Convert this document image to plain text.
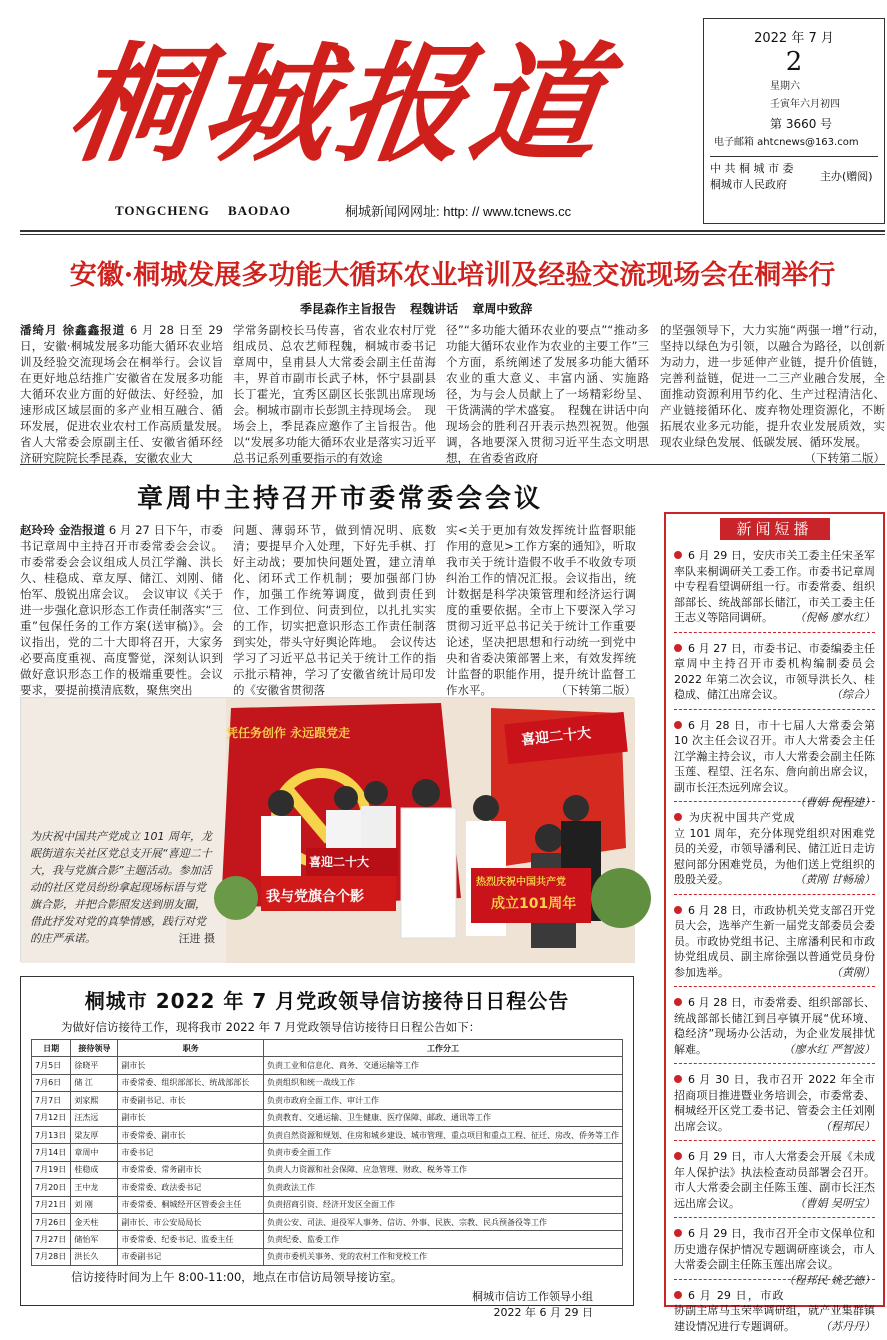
桐城报道
TONGCHENG BAODAO	桐城新闻网网址: http: // www.tcnews.cc
2022 年 7 月
2
星期六
壬寅年六月初四
第 3660 号
电子邮箱 ahtcnews@163.com
中 共 桐 城 市 委
桐城市人民政府
主办(赠阅)
安徽·桐城发展多功能大循环农业培训及经验交流现场会在桐举行
季昆森作主旨报告 程魏讲话 章周中致辞
潘绮月 徐鑫鑫报道 6 月 28 日至 29 日，安徽·桐城发展多功能大循环农业培训及经验交流现场会在桐举行。会议旨在更好地总结推广安徽省在发展多功能大循环农业方面的好做法、好经验，加速形成区域层面的多产业相互融合、循环发展，促进农业农村工作高质量发展。　省人大常委会原副主任、安徽省循环经济研究院院长季昆森，安徽农业大
学常务副校长马传喜，省农业农村厅党组成员、总农艺师程魏，桐城市委书记章周中，皇甫县人大常委会副主任苗海丰，界首市副市长武子林，怀宁县副县长丁霍光，宜秀区副区长张凯出席现场会。桐城市副市长彭凯主持现场会。　现场会上，季昆森应邀作了主旨报告。他以“发展多功能大循环农业是落实习近平总书记系列重要指示的有效途
径”“多功能大循环农业的要点”“推动多功能大循环农业作为农业的主要工作”三个方面，系统阐述了发展多功能大循环农业的重大意义、丰富内涵、实施路径，为与会人员献上了一场精彩纷呈、干货满满的学术盛宴。　程魏在讲话中向现场会的胜利召开表示热烈祝贺。他强调，各地要深入贯彻习近平生态文明思想，在省委省政府
的坚强领导下，大力实施“两强一增”行动，坚持以绿色为引领，以融合为路径，以创新为动力，进一步延伸产业链，提升价值链，完善利益链，促进一二三产业融合发展，全面推动资源利用节约化、生产过程清洁化、产业链接循环化、废弃物处理资源化，不断拓展农业多元功能，提升农业发展质效，实现农业绿色发展、低碳发展、循环发展。
（下转第二版）
章周中主持召开市委常委会会议
赵玲玲 金浩报道 6 月 27 日下午，市委书记章周中主持召开市委常委会会议。市委常委会会议组成人员江学瀚、洪长久、桂稳成、章友厚、储江、刘刚、储怡军、殷锐出席会议。　会议审议《关于进一步强化意识形态工作责任制落实“三重”包保任务的工作方案(送审稿)》。会议指出，党的二十大即将召开，大家务必要高度重视、高度警觉，深刻认识到做好意识形态工作的极端重要性。会议要求，要提前摸清底数，聚焦突出
问题、薄弱环节，做到情况明、底数清；要提早介入处理，下好先手棋、打好主动战；要加快问题处置，建立清单化、闭环式工作机制；要加强部门协作，加强工作统筹调度，做到责任到位、工作到位、问责到位，以扎扎实实的工作，切实把意识形态工作责任制落到实处，带头守好舆论阵地。　会议传达学习了习近平总书记关于统计工作的指示批示精神，学习了安徽省统计局印发的《安徽省贯彻落
实<关于更加有效发挥统计监督职能作用的意见>工作方案的通知》，听取我市关于统计造假不收手不收敛专项纠治工作的情况汇报。会议指出，统计数据是科学决策管理和经济运行调度的重要依据。全市上下要深入学习贯彻习近平总书记关于统计工作重要论述，坚决把思想和行动统一到党中央和省委决策部署上来，有效发挥统计监督的职能作用，提升统计监督工作水平。	（下转第二版）
凭任务创作 永远跟党走	喜迎二十大
喜迎二十大
我与党旗合个影
热烈庆祝中国共产党
成立101周年
为庆祝中国共产党成立 101 周年，龙眠街道东关社区党总支开展“喜迎二十大，我与党旗合影”主题活动。参加活动的社区党员纷纷拿起现场标语与党旗合影，并把合影照发送到朋友圈，借此抒发对党的真挚情感，践行对党的庄严承诺。	汪进 摄
桐城市 2022 年 7 月党政领导信访接待日日程公告
为做好信访接待工作，现将我市 2022 年 7 月党政领导信访接待日日程公告如下：
日期	接待领导	职务	工作分工
7月5日	徐晓平	副市长	负责工业和信息化、商务、交通运输等工作
7月6日	储 江	市委常委、组织部部长、统战部部长	负责组织和统一战线工作
7月7日	刘家熙	市委副书记、市长	负责市政府全面工作、审计工作
7月12日	汪杰远	副市长	负责教育、交通运输、卫生健康、医疗保障、邮政、通讯等工作
7月13日	梁友厚	市委常委、副市长	负责自然资源和规划、住房和城乡建设、城市管理、重点项目和重点工程、征迁、房改、侨务等工作
7月14日	章周中	市委书记	负责市委全面工作
7月19日	桂稳成	市委常委、常务副市长	负责人力资源和社会保障、应急管理、财政、税务等工作
7月20日	王中龙	市委常委、政法委书记	负责政法工作
7月21日	刘 刚	市委常委、桐城经开区管委会主任	负责招商引资、经济开发区全面工作
7月26日	金天柱	副市长、市公安局局长	负责公安、司法、退役军人事务、信访、外事、民族、宗教、民兵预备役等工作
7月27日	储怡军	市委常委、纪委书记、监委主任	负责纪委、监委工作
7月28日	洪长久	市委副书记	负责市委机关事务、党的农村工作和党校工作
信访接待时间为上午 8:00-11:00，地点在市信访局领导接访室。
桐城市信访工作领导小组
2022 年 6 月 29 日
新闻短播
6 月 29 日，安庆市关工委主任宋圣军率队来桐调研关工委工作。市委书记章周中专程看望调研组一行。市委常委、组织部部长、统战部部长储江，市关工委主任王志义等陪同调研。 （倪畅 廖水红）
6 月 27 日，市委书记、市委编委主任章周中主持召开市委机构编制委员会 2022 年第二次会议，市领导洪长久、桂稳成、储江出席会议。	（综合）
6 月 28 日，市十七届人大常委会第 10 次主任会议召开。市人大常委会主任江学瀚主持会议，市人大常委会副主任陈玉莲、程望、汪名东、詹向前出席会议，副市长汪杰远列席会议。
（曹娟 倪程建）
为庆祝中国共产党成立 101 周年，充分体现党组织对困难党员的关爱，市领导潘利民、储江近日走访慰问部分困难党员，为他们送上党组织的殷殷关爱。	（黄刚 甘畅瑜）
6 月 28 日，市政协机关党支部召开党员大会，选举产生新一届党支部委员会委员。市政协党组书记、主席潘利民和市政协党组成员、副主席徐强以普通党员身份参加选举。	（黄刚）
6 月 28 日，市委常委、组织部部长、统战部部长储江到吕亭镇开展“优环境、稳经济”现场办公活动，为企业发展排忧解难。	（廖水红 严智波）
6 月 30 日，我市召开 2022 年全市招商项目推进暨业务培训会，市委常委、桐城经开区党工委书记、管委会主任刘刚出席会议。	（程邦民）
6 月 29 日，市人大常委会开展《未成年人保护法》执法检查动员部署会召开。市人大常委会副主任陈玉莲、副市长汪杰远出席会议。	（曹娟 吴明宝）
6 月 29 日，我市召开全市文保单位和历史遗存保护情况专题调研座谈会，市人大常委会副主任陈玉莲出席会议。
（程邦民 姚艺德）
6 月 29 日，市政协副主席马玉荣率调研组，就产业集群镇建设情况进行专题调研。 （苏丹丹）
